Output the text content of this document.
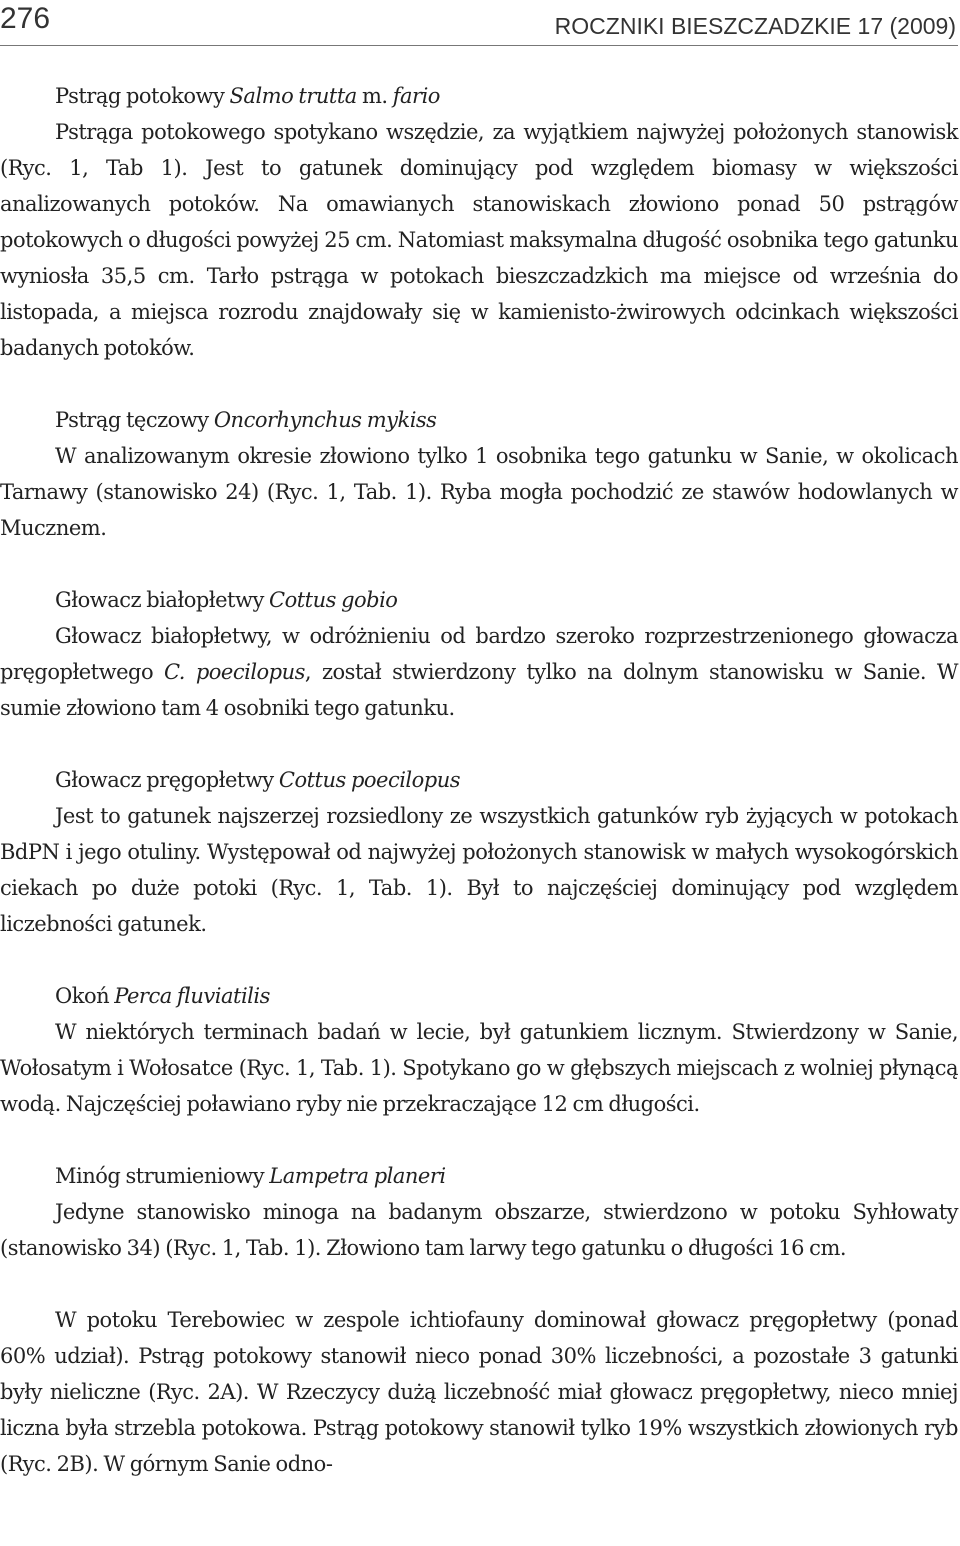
276	ROCZNIKI BIESZCZADZKIE 17 (2009)

Pstrąg potokowy Salmo trutta m. fario

Pstrąga potokowego spotykano wszędzie, za wyjątkiem najwyżej położonych stanowisk (Ryc. 1, Tab 1). Jest to gatunek dominujący pod względem biomasy w większości analizowanych potoków. Na omawianych stanowiskach złowiono ponad 50 pstrągów potokowych o długości powyżej 25 cm. Natomiast maksymalna długość osobnika tego gatunku wyniosła 35,5 cm. Tarło pstrąga w potokach bieszczadzkich ma miejsce od września do listopada, a miejsca rozrodu znajdowały się w kamienisto-żwirowych odcinkach większości badanych potoków.

Pstrąg tęczowy Oncorhynchus mykiss

W analizowanym okresie złowiono tylko 1 osobnika tego gatunku w Sanie, w okolicach Tarnawy (stanowisko 24) (Ryc. 1, Tab. 1). Ryba mogła pochodzić ze stawów hodowlanych w Mucznem.

Głowacz białopłetwy Cottus gobio

Głowacz białopłetwy, w odróżnieniu od bardzo szeroko rozprzestrzenionego głowacza pręgopłetwego C. poecilopus, został stwierdzony tylko na dolnym stanowisku w Sanie. W sumie złowiono tam 4 osobniki tego gatunku.

Głowacz pręgopłetwy Cottus poecilopus

Jest to gatunek najszerzej rozsiedlony ze wszystkich gatunków ryb żyjących w potokach BdPN i jego otuliny. Występował od najwyżej położonych stanowisk w małych wysokogórskich ciekach po duże potoki (Ryc. 1, Tab. 1). Był to najczęściej dominujący pod względem liczebności gatunek.

Okoń Perca fluviatilis

W niektórych terminach badań w lecie, był gatunkiem licznym. Stwierdzony w Sanie, Wołosatym i Wołosatce (Ryc. 1, Tab. 1). Spotykano go w głębszych miejscach z wolniej płynącą wodą. Najczęściej poławiano ryby nie przekraczające 12 cm długości.

Minóg strumieniowy Lampetra planeri

Jedyne stanowisko minoga na badanym obszarze, stwierdzono w potoku Syhłowaty (stanowisko 34) (Ryc. 1, Tab. 1). Złowiono tam larwy tego gatunku o długości 16 cm.

W potoku Terebowiec w zespole ichtiofauny dominował głowacz pręgopłetwy (ponad 60% udział). Pstrąg potokowy stanowił nieco ponad 30% liczebności, a pozostałe 3 gatunki były nieliczne (Ryc. 2A). W Rzeczycy dużą liczebność miał głowacz pręgopłetwy, nieco mniej liczna była strzebla potokowa. Pstrąg potokowy stanowił tylko 19% wszystkich złowionych ryb (Ryc. 2B). W górnym Sanie odno-
